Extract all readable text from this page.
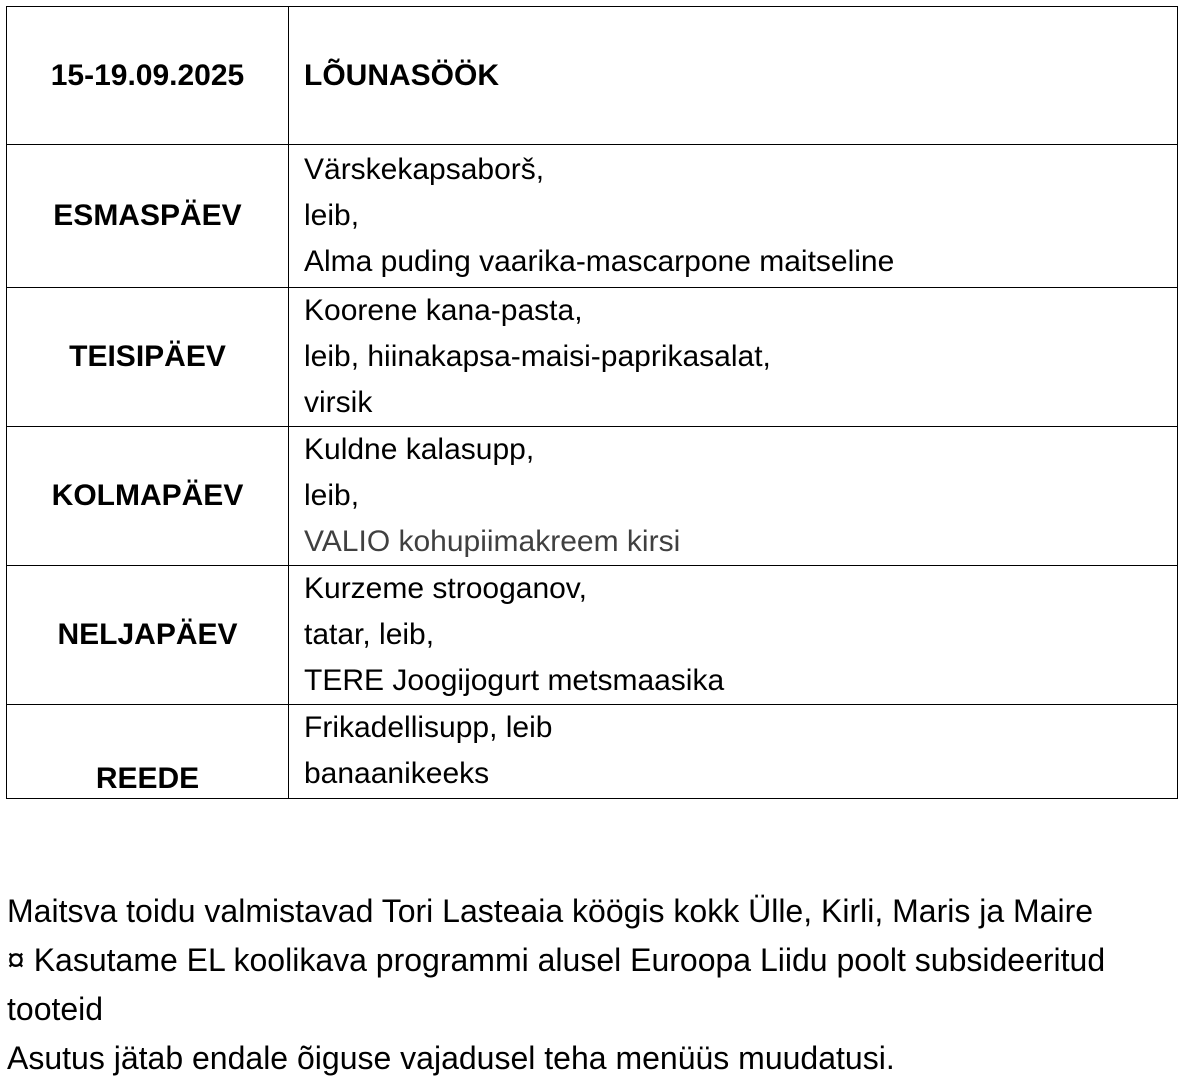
15-19.09.2025	LÕUNASÖÖK
ESMASPÄEV	Värskekapsaborš,
leib,
Alma puding vaarika-mascarpone maitseline

TEISIPÄEV	Koorene kana-pasta,
leib, hiinakapsa-maisi-paprikasalat,
virsik

KOLMAPÄEV	Kuldne kalasupp,
leib,
VALIO kohupiimakreem kirsi

NELJAPÄEV	Kurzeme strooganov,
tatar, leib,
TERE Joogijogurt metsmaasika

REEDE	Frikadellisupp, leib
banaanikeeks
Maitsva toidu valmistavad Tori Lasteaia köögis kokk Ülle, Kirli, Maris ja Maire
¤ Kasutame EL koolikava programmi alusel Euroopa Liidu poolt subsideeritud tooteid
Asutus jätab endale õiguse vajadusel teha menüüs muudatusi.
